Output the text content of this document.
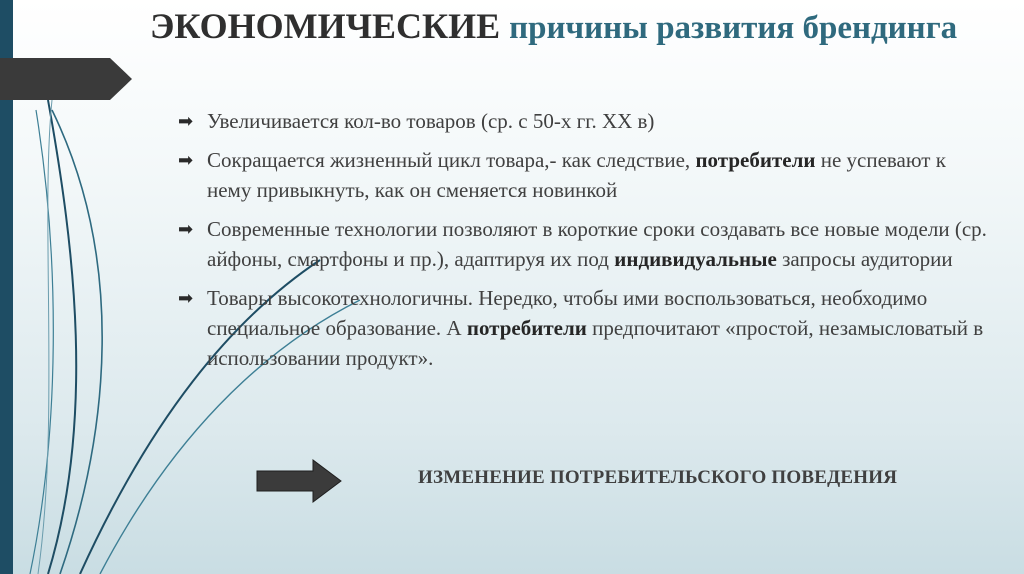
ЭКОНОМИЧЕСКИЕ причины развития брендинга
➡ Увеличивается кол-во товаров (ср. с 50-х гг. XX в)
➡ Сокращается жизненный цикл товара,- как следствие, потребители не успевают к нему привыкнуть, как он сменяется новинкой
➡ Современные технологии позволяют в короткие сроки создавать все новые модели (ср. айфоны, смартфоны и пр.), адаптируя их под индивидуальные запросы аудитории
➡ Товары высокотехнологичны. Нередко, чтобы ими воспользоваться, необходимо специальное образование. А потребители предпочитают «простой, незамысловатый в использовании продукт».
ИЗМЕНЕНИЕ ПОТРЕБИТЕЛЬСКОГО ПОВЕДЕНИЯ
